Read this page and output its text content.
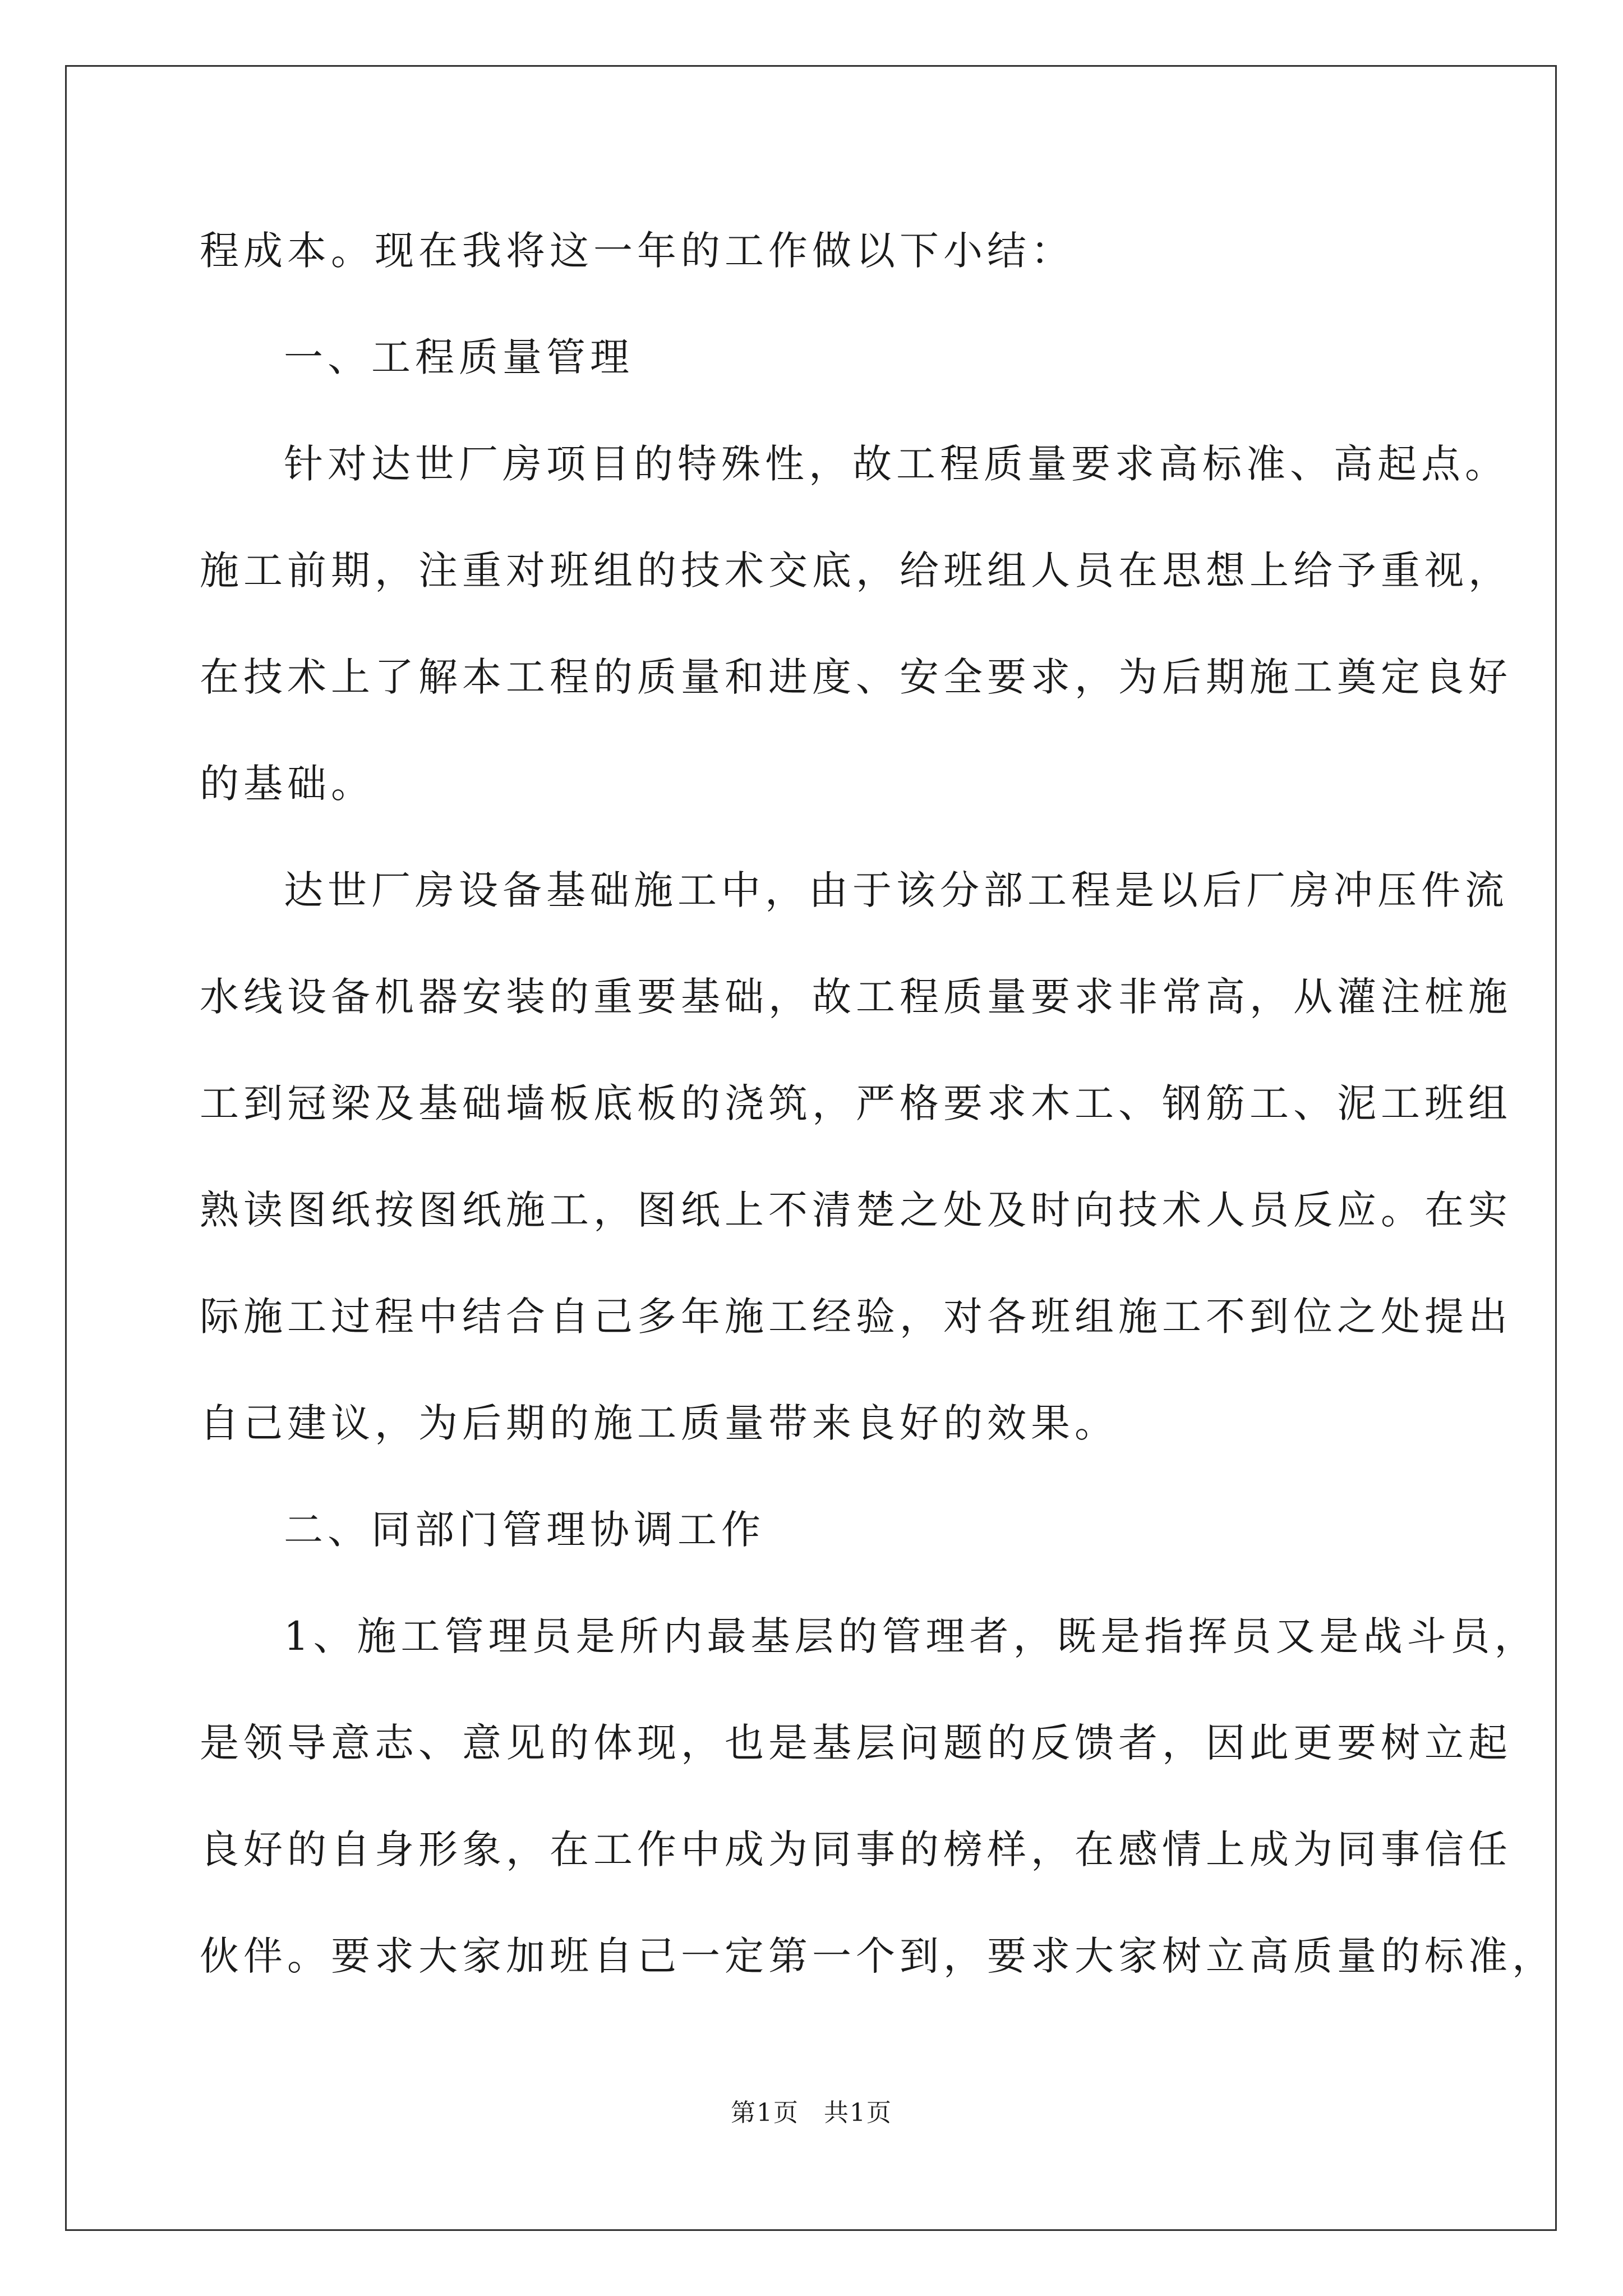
程成本。现在我将这一年的工作做以下小结：
一、工程质量管理
针对达世厂房项目的特殊性，故工程质量要求高标准、高起点。
施工前期，注重对班组的技术交底，给班组人员在思想上给予重视，
在技术上了解本工程的质量和进度、安全要求，为后期施工奠定良好
的基础。
达世厂房设备基础施工中，由于该分部工程是以后厂房冲压件流
水线设备机器安装的重要基础，故工程质量要求非常高，从灌注桩施
工到冠梁及基础墙板底板的浇筑，严格要求木工、钢筋工、泥工班组
熟读图纸按图纸施工，图纸上不清楚之处及时向技术人员反应。在实
际施工过程中结合自己多年施工经验，对各班组施工不到位之处提出
自己建议，为后期的施工质量带来良好的效果。
二、同部门管理协调工作
1、施工管理员是所内最基层的管理者，既是指挥员又是战斗员，
是领导意志、意见的体现，也是基层问题的反馈者，因此更要树立起
良好的自身形象，在工作中成为同事的榜样，在感情上成为同事信任
伙伴。要求大家加班自己一定第一个到，要求大家树立高质量的标准，
第1页 共1页
